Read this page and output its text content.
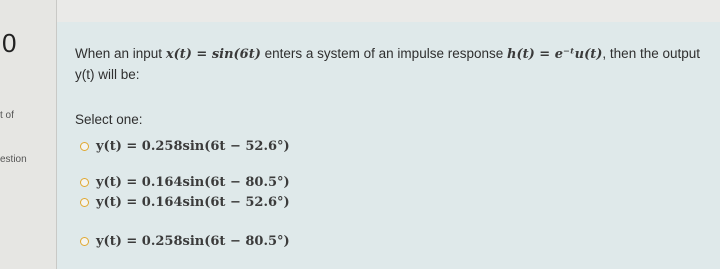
0
t of
estion
When an input x(t) = sin(6t) enters a system of an impulse response h(t) = e⁻ᵗu(t), then the output y(t) will be:
Select one:
y(t) = 0.258sin(6t − 52.6°)
y(t) = 0.164sin(6t − 80.5°)
y(t) = 0.164sin(6t − 52.6°)
y(t) = 0.258sin(6t − 80.5°)
